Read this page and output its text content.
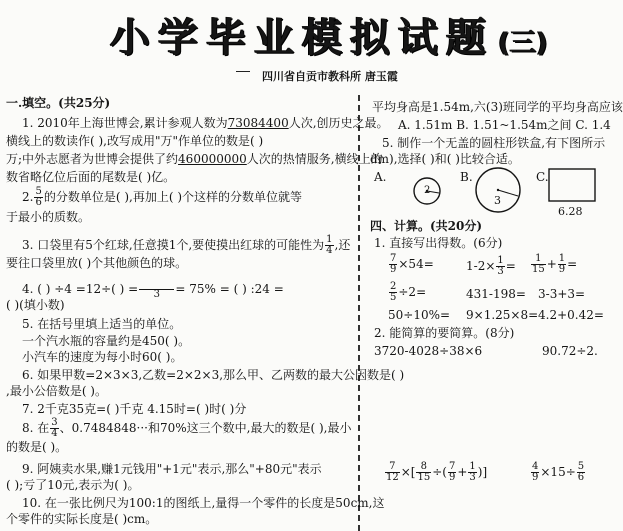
小学毕业模拟试题 (三)
四川省自贡市教科所 唐玉霞
一.填空。(共25分)
1. 2010年上海世博会,累计参观人数为73084400人次,创历史之最。
横线上的数读作( ),改写成用"万"作单位的数是( )
万;中外志愿者为世博会提供了约460000000人次的热情服务,横线上的
数省略亿位后面的尾数是( )亿。
2. $\frac{5}{6}$ 的分数单位是( ),再加上( )个这样的分数单位就等
于最小的质数。
3. 口袋里有5个红球,任意摸1个,要使摸出红球的可能性为 $\frac{1}{4}$ ,还
要往口袋里放( )个其他颜色的球。
4. ( ) ÷4 =12÷( ) =
	3	= 75% = ( ) :24 =
( )(填小数)
5. 在括号里填上适当的单位。
一个汽水瓶的容量约是450( )。
小汽车的速度为每小时60( )。
6. 如果甲数=2×3×3,乙数=2×2×3,那么甲、乙两数的最大公因数是( )
,最小公倍数是( )。
7. 2千克35克=( )千克 4.15时=( )时( )分
8. 在 $\frac{3}{4}$ 、0.7484848···和70%这三个数中,最大的数是( ),最小
的数是( )。
9. 阿姨卖水果,赚1元钱用"+1元"表示,那么"+80元"表示
( );亏了10元,表示为( )。
10. 在一张比例尺为100:1的图纸上,量得一个零件的长度是50cm,这
个零件的实际长度是( )cm。
平均身高是1.54m,六(3)班同学的平均身高应该
A. 1.51m B. 1.51~1.54m之间 C. 1.4
5. 制作一个无盖的圆柱形铁盒,有下图所示
dm),选择( )和( )比较合适。
A.
2
B.
3
C.
6.28
四、计算。(共20分)
1. 直接写出得数。(6分)
$\frac{7}{9} \times 54=$	$1-2\times \frac{1}{3} = \frac{1}{15} + \frac{1}{9}$ =
$\frac{2}{5} \div 2=$	431-198= 3-3+3=
50÷10%= 9×1.25×8= 4.2+0.42=
2. 能简算的要简算。(8分)
3720-4028÷38×6	90.72÷2.
$\frac{7}{12}$ ×[ $\frac{8}{15}$ ÷( $\frac{7}{9} + \frac{1}{3}$ )]	$\frac{4}{9} \times 15\div \frac{5}{6}$
